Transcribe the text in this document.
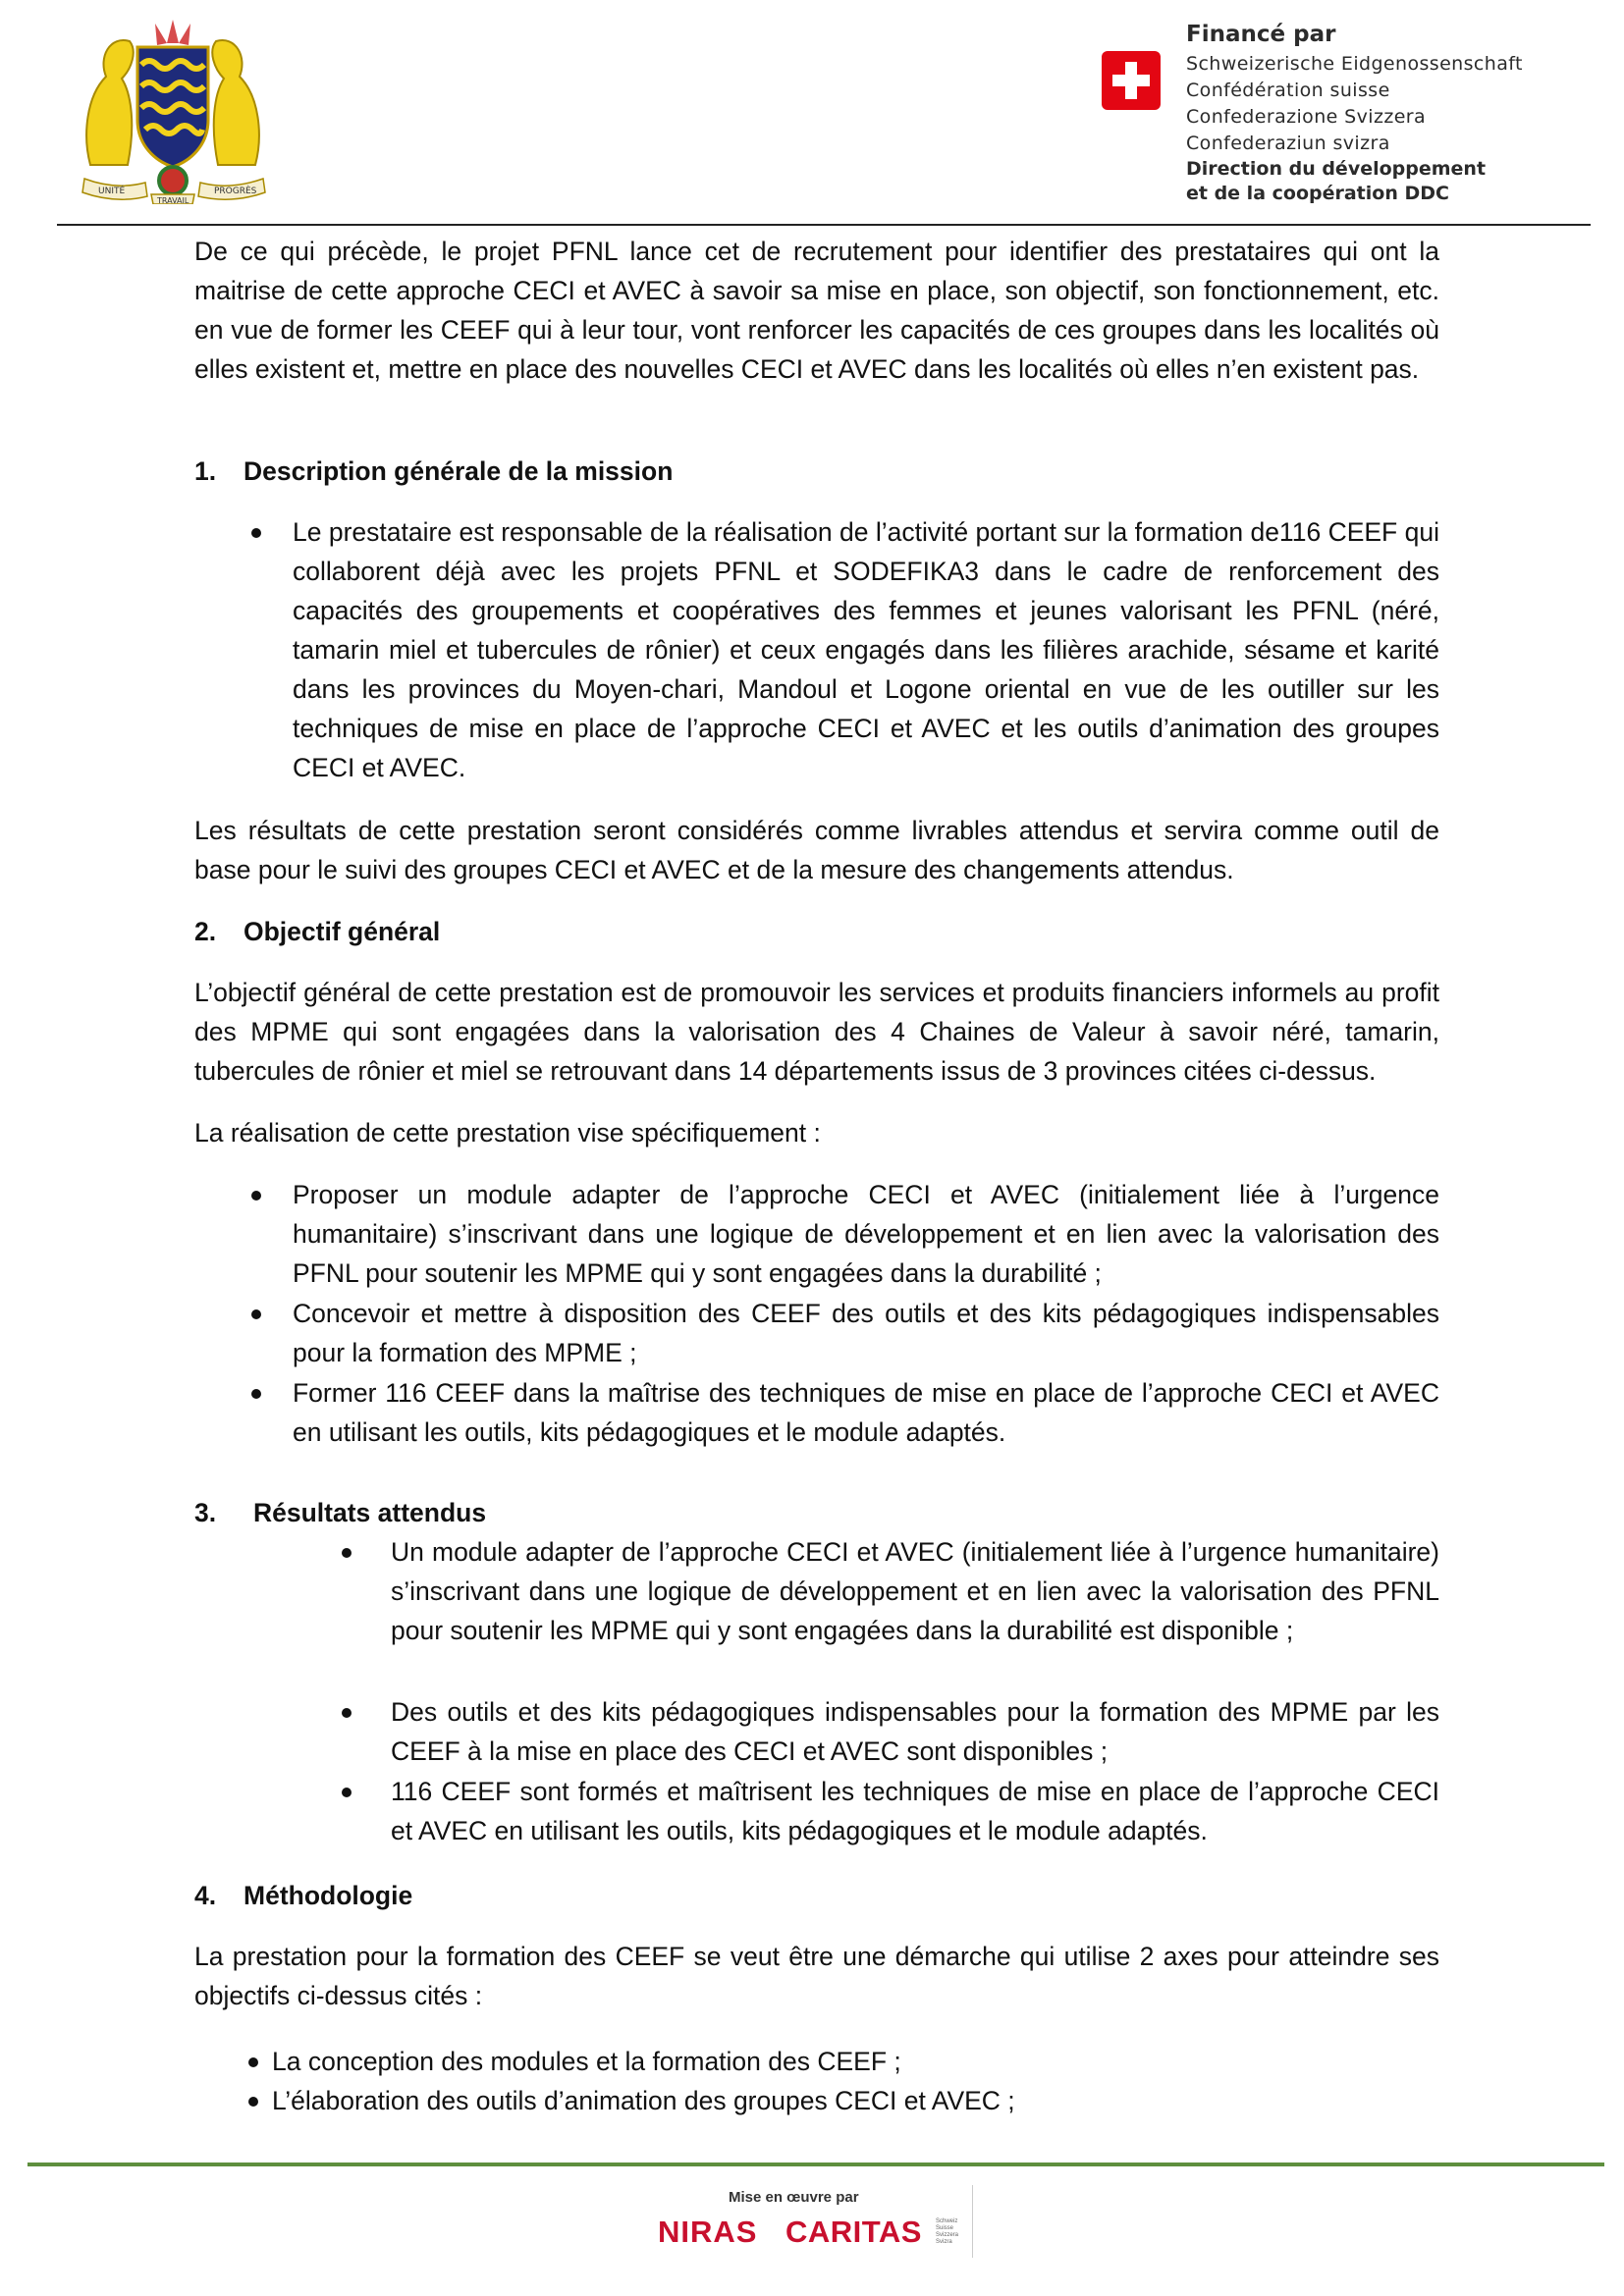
UNITÉ
TRAVAIL
PROGRÈS
Financé par
Schweizerische Eidgenossenschaft
Confédération suisse
Confederazione Svizzera
Confederaziun svizra
Direction du développement
et de la coopération DDC

De ce qui précède, le projet PFNL lance cet de recrutement pour identifier des prestataires qui ont la maitrise de cette approche CECI et AVEC à savoir sa mise en place, son objectif, son fonctionnement, etc. en vue de former les CEEF qui à leur tour, vont renforcer les capacités de ces groupes dans les localités où elles existent et, mettre en place des nouvelles CECI et AVEC dans les localités où elles n’en existent pas.

1. Description générale de la mission

Le prestataire est responsable de la réalisation de l’activité portant sur la formation de116 CEEF qui collaborent déjà avec les projets PFNL et SODEFIKA3 dans le cadre de renforcement des capacités des groupements et coopératives des femmes et jeunes valorisant les PFNL (néré, tamarin miel et tubercules de rônier) et ceux engagés dans les filières arachide, sésame et karité dans les provinces du Moyen-chari, Mandoul et Logone oriental en vue de les outiller sur les techniques de mise en place de l’approche CECI et AVEC et les outils d’animation des groupes CECI et AVEC.

Les résultats de cette prestation seront considérés comme livrables attendus et servira comme outil de base pour le suivi des groupes CECI et AVEC et de la mesure des changements attendus.

2. Objectif général

L’objectif général de cette prestation est de promouvoir les services et produits financiers informels au profit des MPME qui sont engagées dans la valorisation des 4 Chaines de Valeur à savoir néré, tamarin, tubercules de rônier et miel se retrouvant dans 14 départements issus de 3 provinces citées ci-dessus.

La réalisation de cette prestation vise spécifiquement :

Proposer un module adapter de l’approche CECI et AVEC (initialement liée à l’urgence humanitaire) s’inscrivant dans une logique de développement et en lien avec la valorisation des PFNL pour soutenir les MPME qui y sont engagées dans la durabilité ;

Concevoir et mettre à disposition des CEEF des outils et des kits pédagogiques indispensables pour la formation des MPME ;

Former 116 CEEF dans la maîtrise des techniques de mise en place de l’approche CECI et AVEC en utilisant les outils, kits pédagogiques et le module adaptés.

3. Résultats attendus

Un module adapter de l’approche CECI et AVEC (initialement liée à l’urgence humanitaire) s’inscrivant dans une logique de développement et en lien avec la valorisation des PFNL pour soutenir les MPME qui y sont engagées dans la durabilité est disponible ;

Des outils et des kits pédagogiques indispensables pour la formation des MPME par les CEEF à la mise en place des CECI et AVEC sont disponibles ;

116 CEEF sont formés et maîtrisent les techniques de mise en place de l’approche CECI et AVEC en utilisant les outils, kits pédagogiques et le module adaptés.

4. Méthodologie

La prestation pour la formation des CEEF se veut être une démarche qui utilise 2 axes pour atteindre ses objectifs ci-dessus cités :

La conception des modules et la formation des CEEF ;

L’élaboration des outils d’animation des groupes CECI et AVEC ;

Mise en œuvre par
NIRAS CARITAS Schweiz Suisse Svizzera Svizra
